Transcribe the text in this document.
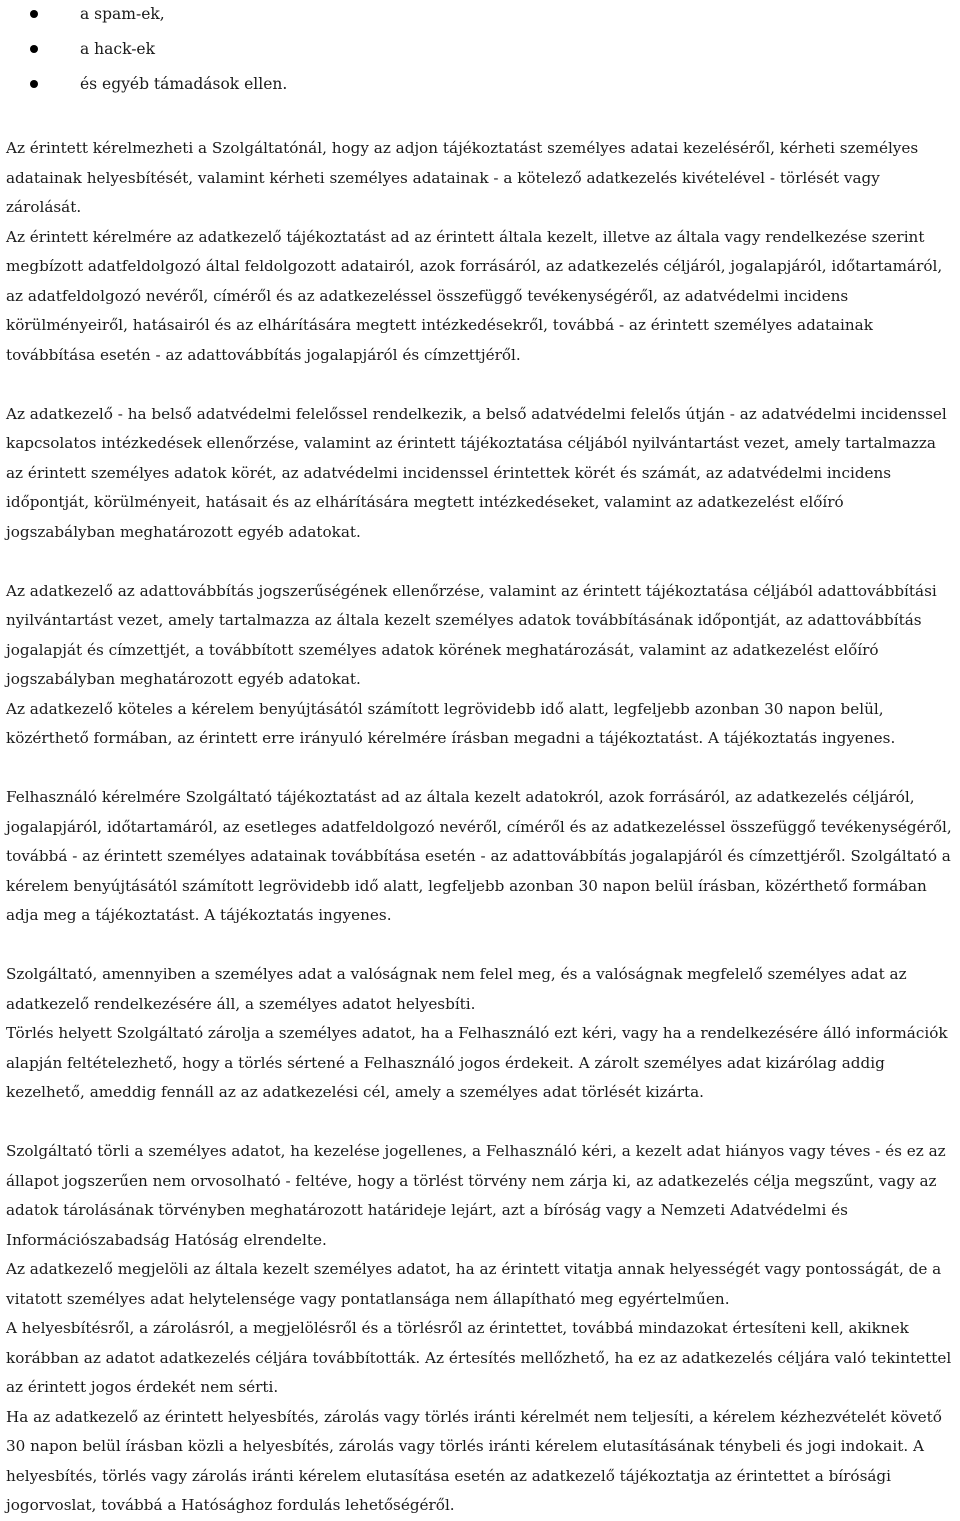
a spam-ek,
a hack-ek
és egyéb támadások ellen.

Az érintett kérelmezheti a Szolgáltatónál, hogy az adjon tájékoztatást személyes adatai kezeléséről, kérheti személyes adatainak helyesbítését, valamint kérheti személyes adatainak - a kötelező adatkezelés kivételével - törlését vagy zárolását.

Az érintett kérelmére az adatkezelő tájékoztatást ad az érintett általa kezelt, illetve az általa vagy rendelkezése szerint megbízott adatfeldolgozó által feldolgozott adatairól, azok forrásáról, az adatkezelés céljáról, jogalapjáról, időtartamáról, az adatfeldolgozó nevéről, címéről és az adatkezeléssel összefüggő tevékenységéről, az adatvédelmi incidens körülményeiről, hatásairól és az elhárítására megtett intézkedésekről, továbbá - az érintett személyes adatainak továbbítása esetén - az adattovábbítás jogalapjáról és címzettjéről.

Az adatkezelő - ha belső adatvédelmi felelőssel rendelkezik, a belső adatvédelmi felelős útján - az adatvédelmi incidenssel kapcsolatos intézkedések ellenőrzése, valamint az érintett tájékoztatása céljából nyilvántartást vezet, amely tartalmazza az érintett személyes adatok körét, az adatvédelmi incidenssel érintettek körét és számát, az adatvédelmi incidens időpontját, körülményeit, hatásait és az elhárítására megtett intézkedéseket, valamint az adatkezelést előíró jogszabályban meghatározott egyéb adatokat.

Az adatkezelő az adattovábbítás jogszerűségének ellenőrzése, valamint az érintett tájékoztatása céljából adattovábbítási nyilvántartást vezet, amely tartalmazza az általa kezelt személyes adatok továbbításának időpontját, az adattovábbítás jogalapját és címzettjét, a továbbított személyes adatok körének meghatározását, valamint az adatkezelést előíró jogszabályban meghatározott egyéb adatokat.

Az adatkezelő köteles a kérelem benyújtásától számított legrövidebb idő alatt, legfeljebb azonban 30 napon belül, közérthető formában, az érintett erre irányuló kérelmére írásban megadni a tájékoztatást. A tájékoztatás ingyenes.

Felhasználó kérelmére Szolgáltató tájékoztatást ad az általa kezelt adatokról, azok forrásáról, az adatkezelés céljáról, jogalapjáról, időtartamáról, az esetleges adatfeldolgozó nevéről, címéről és az adatkezeléssel összefüggő tevékenységéről, továbbá - az érintett személyes adatainak továbbítása esetén - az adattovábbítás jogalapjáról és címzettjéről. Szolgáltató a kérelem benyújtásától számított legrövidebb idő alatt, legfeljebb azonban 30 napon belül írásban, közérthető formában adja meg a tájékoztatást. A tájékoztatás ingyenes.

Szolgáltató, amennyiben a személyes adat a valóságnak nem felel meg, és a valóságnak megfelelő személyes adat az adatkezelő rendelkezésére áll, a személyes adatot helyesbíti.

Törlés helyett Szolgáltató zárolja a személyes adatot, ha a Felhasználó ezt kéri, vagy ha a rendelkezésére álló információk alapján feltételezhető, hogy a törlés sértené a Felhasználó jogos érdekeit. A zárolt személyes adat kizárólag addig kezelhető, ameddig fennáll az az adatkezelési cél, amely a személyes adat törlését kizárta.

Szolgáltató törli a személyes adatot, ha kezelése jogellenes, a Felhasználó kéri, a kezelt adat hiányos vagy téves - és ez az állapot jogszerűen nem orvosolható - feltéve, hogy a törlést törvény nem zárja ki, az adatkezelés célja megszűnt, vagy az adatok tárolásának törvényben meghatározott határideje lejárt, azt a bíróság vagy a Nemzeti Adatvédelmi és Információszabadság Hatóság elrendelte.

Az adatkezelő megjelöli az általa kezelt személyes adatot, ha az érintett vitatja annak helyességét vagy pontosságát, de a vitatott személyes adat helytelensége vagy pontatlansága nem állapítható meg egyértelműen.

A helyesbítésről, a zárolásról, a megjelölésről és a törlésről az érintettet, továbbá mindazokat értesíteni kell, akiknek korábban az adatot adatkezelés céljára továbbították. Az értesítés mellőzhető, ha ez az adatkezelés céljára való tekintettel az érintett jogos érdekét nem sérti.

Ha az adatkezelő az érintett helyesbítés, zárolás vagy törlés iránti kérelmét nem teljesíti, a kérelem kézhezvételét követő 30 napon belül írásban közli a helyesbítés, zárolás vagy törlés iránti kérelem elutasításának ténybeli és jogi indokait. A helyesbítés, törlés vagy zárolás iránti kérelem elutasítása esetén az adatkezelő tájékoztatja az érintettet a bírósági jogorvoslat, továbbá a Hatósághoz fordulás lehetőségéről.
